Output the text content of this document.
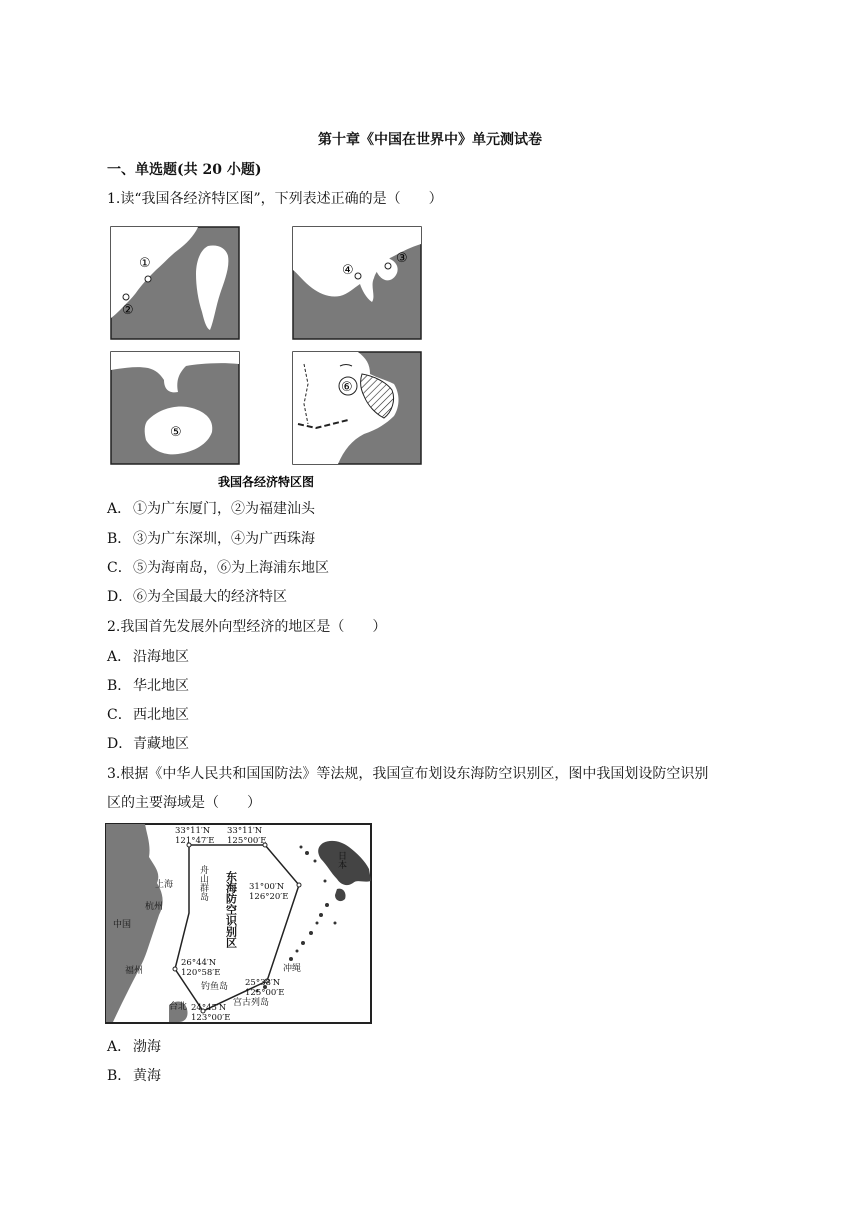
第十章《中国在世界中》单元测试卷
一、单选题(共 20 小题)
1.读“我国各经济特区图”，下列表述正确的是（　　）
①
②
③
④
⑤
⑥
我国各经济特区图
A． ①为广东厦门，②为福建汕头
B． ③为广东深圳，④为广西珠海
C．⑤为海南岛，⑥为上海浦东地区
D．⑥为全国最大的经济特区
2.我国首先发展外向型经济的地区是（　　）
A． 沿海地区
B． 华北地区
C．西北地区
D．青藏地区
3.根据《中华人民共和国国防法》等法规，我国宣布划设东海防空识别区，图中我国划设防空识别
区的主要海域是（　　）
33°11′N
121°47′E
33°11′N
125°00′E
31°00′N
126°20′E
26°44′N
120°58′E
25°38′N
125°00′E
24°45′N
123°00′E
上海
杭州
中国
福州
台北
钓鱼岛
宫古列岛
冲绳
日本
舟山群岛 东海防空识别区
A． 渤海
B． 黄海
